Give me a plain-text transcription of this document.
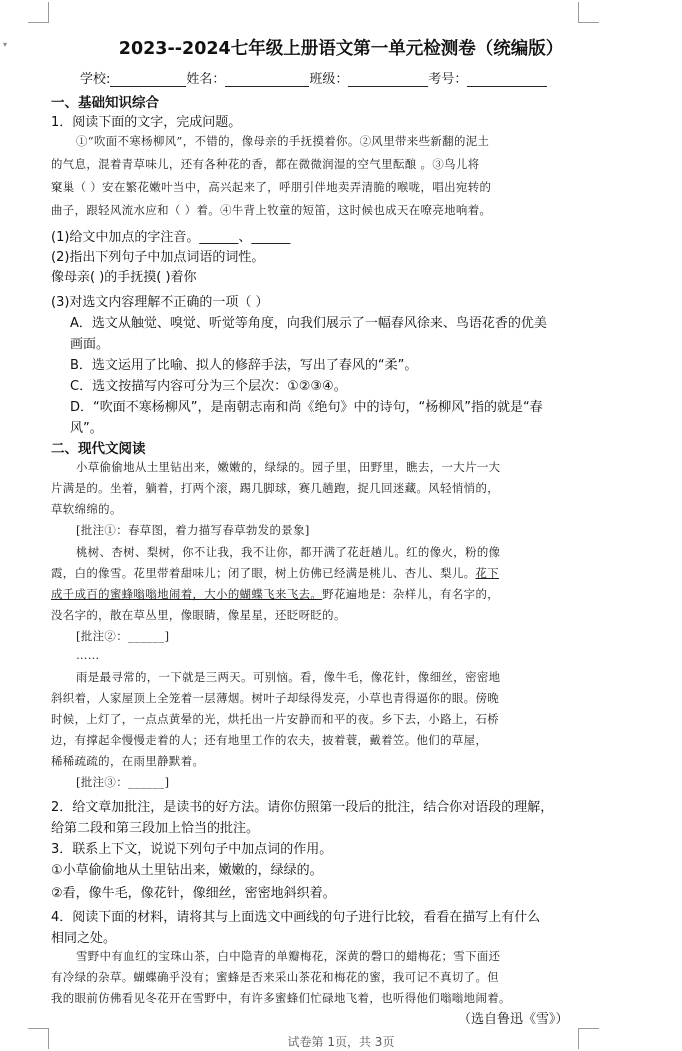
▾	2023--2024七年级上册语文第一单元检测卷（统编版）
学校:	姓名：	班级：	考号：
一、基础知识综合
1．阅读下面的文字，完成问题。
①“吹面不寒杨柳风”，不错的，像母亲的手抚摸着你。②风里带来些新翻的泥土
的气息，混着青草味儿，还有各种花的香，都在微微润湿的空气里酝酿 。③鸟儿将
窠巢（ ）安在繁花嫩叶当中，高兴起来了，呼朋引伴地卖弄清脆的喉咙，唱出宛转的
曲子，跟轻风流水应和（ ）着。④牛背上牧童的短笛，这时候也成天在嘹亮地响着。
(1)给文中加点的字注音。______、______
(2)指出下列句子中加点词语的词性。
像母亲( )的手抚摸( )着你
(3)对选文内容理解不正确的一项（ ）
A．选文从触觉、嗅觉、听觉等角度，向我们展示了一幅春风徐来、鸟语花香的优美
画面。
B．选文运用了比喻、拟人的修辞手法，写出了春风的“柔”。
C．选文按描写内容可分为三个层次：①②③④。
D．“吹面不寒杨柳风”，是南朝志南和尚《绝句》中的诗句，“杨柳风”指的就是“春
风”。
二、现代文阅读
小草偷偷地从土里钻出来，嫩嫩的，绿绿的。园子里，田野里，瞧去，一大片一大
片满是的。坐着，躺着，打两个滚，踢几脚球，赛几趟跑，捉几回迷藏。风轻悄悄的，
草软绵绵的。
[批注①：春草图，着力描写春草勃发的景象]
桃树、杏树、梨树，你不让我，我不让你，都开满了花赶趟儿。红的像火，粉的像
霞，白的像雪。花里带着甜味儿；闭了眼，树上仿佛已经满是桃儿、杏儿、梨儿。花下
成千成百的蜜蜂嗡嗡地闹着，大小的蝴蝶飞来飞去。野花遍地是：杂样儿，有名字的，
没名字的，散在草丛里，像眼睛，像星星，还眨呀眨的。
[批注②：______]
……
雨是最寻常的，一下就是三两天。可别恼。看，像牛毛，像花针，像细丝，密密地
斜织着，人家屋顶上全笼着一层薄烟。树叶子却绿得发亮，小草也青得逼你的眼。傍晚
时候，上灯了，一点点黄晕的光，烘托出一片安静而和平的夜。乡下去，小路上，石桥
边，有撑起伞慢慢走着的人；还有地里工作的农夫，披着蓑，戴着笠。他们的草屋，
稀稀疏疏的，在雨里静默着。
[批注③：______]
2．给文章加批注，是读书的好方法。请你仿照第一段后的批注，结合你对语段的理解，
给第二段和第三段加上恰当的批注。
3．联系上下文，说说下列句子中加点词的作用。
①小草偷偷地从土里钻出来，嫩嫩的，绿绿的。
②看，像牛毛，像花针，像细丝，密密地斜织着。
4．阅读下面的材料，请将其与上面选文中画线的句子进行比较，看看在描写上有什么
相同之处。
雪野中有血红的宝珠山茶，白中隐青的单瓣梅花，深黄的磬口的蜡梅花；雪下面还
有冷绿的杂草。蝴蝶确乎没有；蜜蜂是否来采山茶花和梅花的蜜，我可记不真切了。但
我的眼前仿佛看见冬花开在雪野中，有许多蜜蜂们忙碌地飞着，也听得他们嗡嗡地闹着。
（选自鲁迅《雪》）
试卷第 1页，共 3页
